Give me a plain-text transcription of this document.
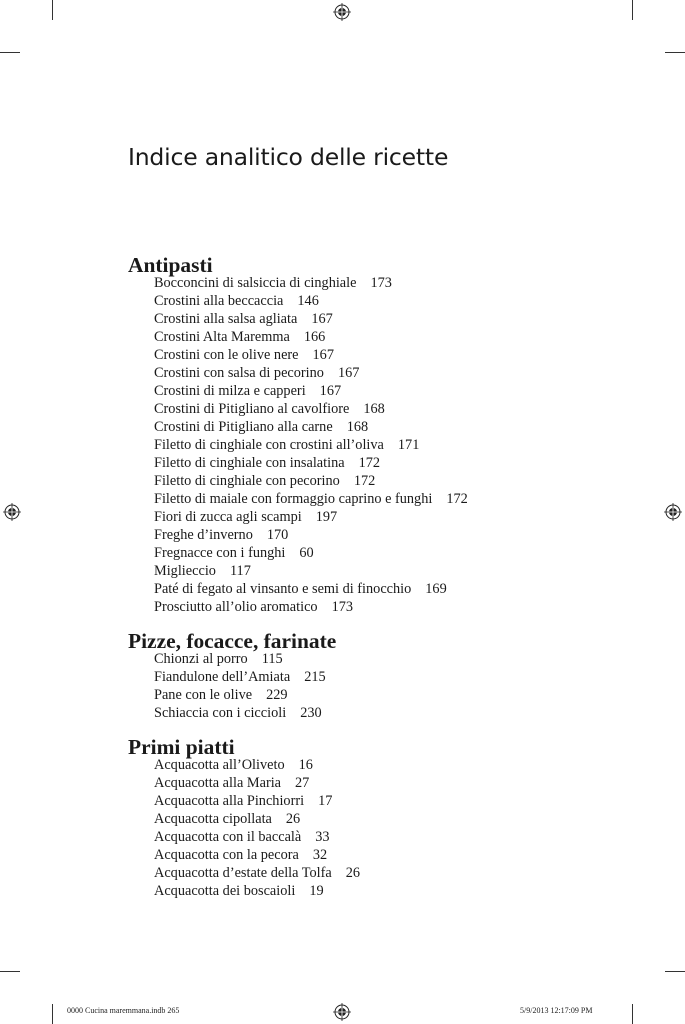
Indice analitico delle ricette
Antipasti
Bocconcini di salsiccia di cinghiale 173
Crostini alla beccaccia 146
Crostini alla salsa agliata 167
Crostini Alta Maremma 166
Crostini con le olive nere 167
Crostini con salsa di pecorino 167
Crostini di milza e capperi 167
Crostini di Pitigliano al cavolfiore 168
Crostini di Pitigliano alla carne 168
Filetto di cinghiale con crostini all’oliva 171
Filetto di cinghiale con insalatina 172
Filetto di cinghiale con pecorino 172
Filetto di maiale con formaggio caprino e funghi 172
Fiori di zucca agli scampi 197
Freghe d’inverno 170
Fregnacce con i funghi 60
Miglieccio 117
Paté di fegato al vinsanto e semi di finocchio 169
Prosciutto all’olio aromatico 173
Pizze, focacce, farinate
Chionzi al porro 115
Fiandulone dell’Amiata 215
Pane con le olive 229
Schiaccia con i ciccioli 230
Primi piatti
Acquacotta all’Oliveto 16
Acquacotta alla Maria 27
Acquacotta alla Pinchiorri 17
Acquacotta cipollata 26
Acquacotta con il baccalà 33
Acquacotta con la pecora 32
Acquacotta d’estate della Tolfa 26
Acquacotta dei boscaioli 19
0000 Cucina maremmana.indb 265	5/9/2013 12:17:09 PM
